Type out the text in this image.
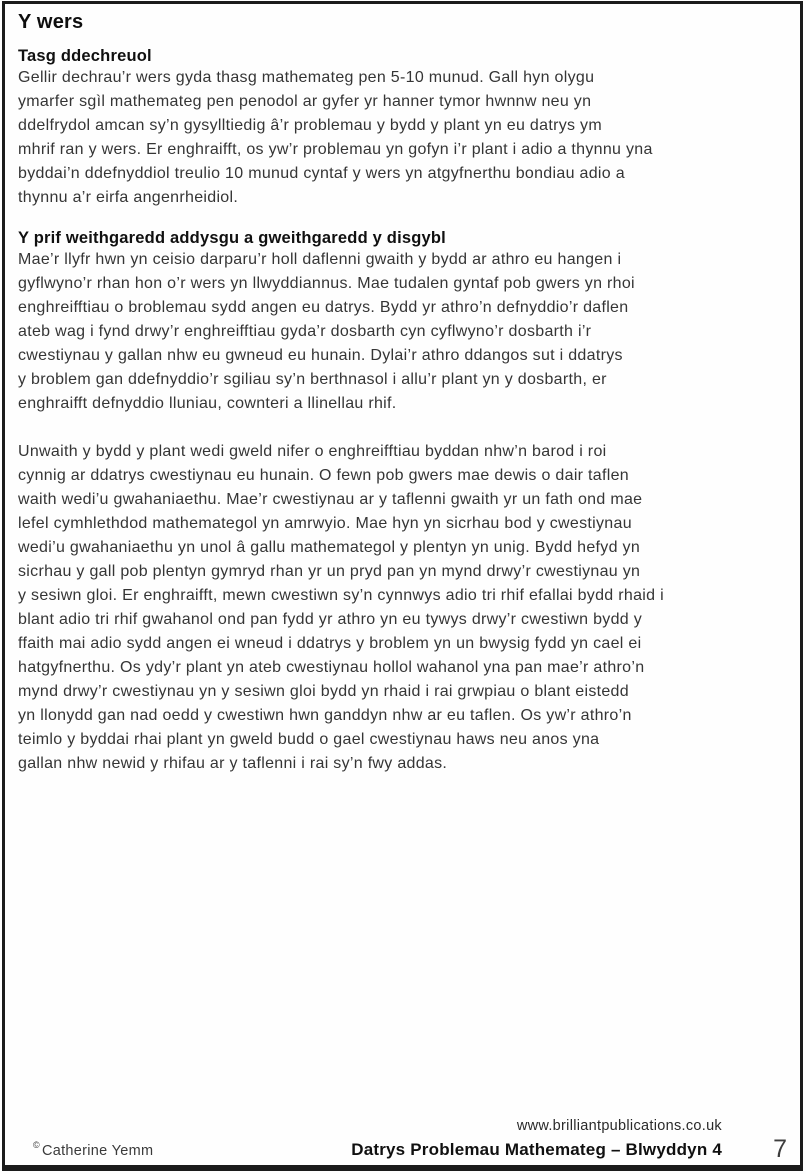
Y wers
Tasg ddechreuol
Gellir dechrau’r wers gyda thasg mathemateg pen 5-10 munud. Gall hyn olygu
ymarfer sgìl mathemateg pen penodol ar gyfer yr hanner tymor hwnnw neu yn
ddelfrydol amcan sy’n gysylltiedig â’r problemau y bydd y plant yn eu datrys ym
mhrif ran y wers. Er enghraifft, os yw’r problemau yn gofyn i’r plant i adio a thynnu yna
byddai’n ddefnyddiol treulio 10 munud cyntaf y wers yn atgyfnerthu bondiau adio a
thynnu a’r eirfa angenrheidiol.
Y prif weithgaredd addysgu a gweithgaredd y disgybl
Mae’r llyfr hwn yn ceisio darparu’r holl daflenni gwaith y bydd ar athro eu hangen i
gyflwyno’r rhan hon o’r wers yn llwyddiannus. Mae tudalen gyntaf pob gwers yn rhoi
enghreifftiau o broblemau sydd angen eu datrys. Bydd yr athro’n defnyddio’r daflen
ateb wag i fynd drwy’r enghreifftiau gyda’r dosbarth cyn cyflwyno’r dosbarth i’r
cwestiynau y gallan nhw eu gwneud eu hunain. Dylai’r athro ddangos sut i ddatrys
y broblem gan ddefnyddio’r sgiliau sy’n berthnasol i allu’r plant yn y dosbarth, er
enghraifft defnyddio lluniau, cownteri a llinellau rhif.
Unwaith y bydd y plant wedi gweld nifer o enghreifftiau byddan nhw’n barod i roi
cynnig ar ddatrys cwestiynau eu hunain. O fewn pob gwers mae dewis o dair taflen
waith wedi’u gwahaniaethu. Mae’r cwestiynau ar y taflenni gwaith yr un fath ond mae
lefel cymhlethdod mathemategol yn amrwyio. Mae hyn yn sicrhau bod y cwestiynau
wedi’u gwahaniaethu yn unol â gallu mathemategol y plentyn yn unig. Bydd hefyd yn
sicrhau y gall pob plentyn gymryd rhan yr un pryd pan yn mynd drwy’r cwestiynau yn
y sesiwn gloi. Er enghraifft, mewn cwestiwn sy’n cynnwys adio tri rhif efallai bydd rhaid i
blant adio tri rhif gwahanol ond pan fydd yr athro yn eu tywys drwy’r cwestiwn bydd y
ffaith mai adio sydd angen ei wneud i ddatrys y broblem yn un bwysig fydd yn cael ei
hatgyfnerthu. Os ydy’r plant yn ateb cwestiynau hollol wahanol yna pan mae’r athro’n
mynd drwy’r cwestiynau yn y sesiwn gloi bydd yn rhaid i rai grwpiau o blant eistedd
yn llonydd gan nad oedd y cwestiwn hwn ganddyn nhw ar eu taflen. Os yw’r athro’n
teimlo y byddai rhai plant yn gweld budd o gael cwestiynau haws neu anos yna
gallan nhw newid y rhifau ar y taflenni i rai sy’n fwy addas.
www.brilliantpublications.co.uk
© Catherine Yemm	Datrys Problemau Mathemateg – Blwyddyn 4 7
